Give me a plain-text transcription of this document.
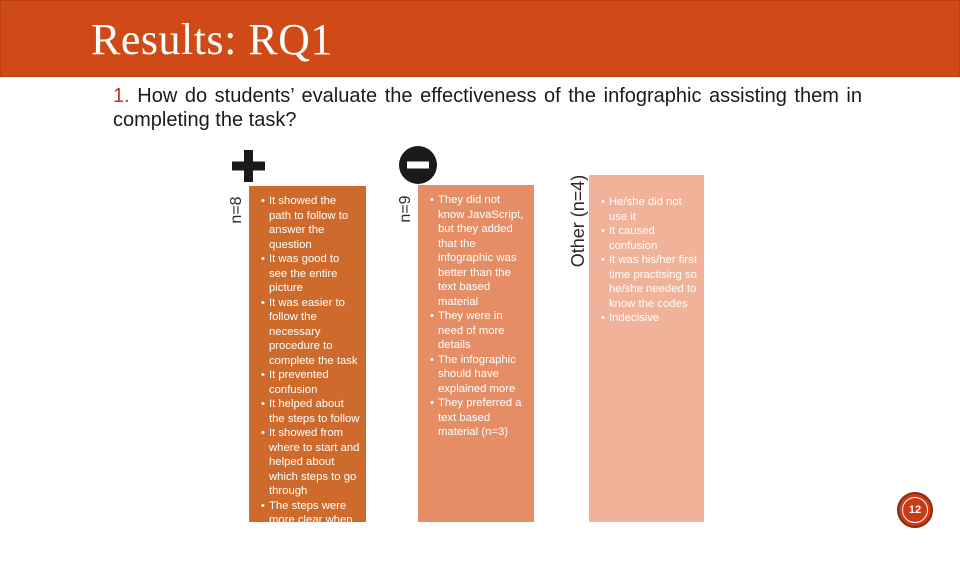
Results: RQ1
1. How do students’ evaluate the effectiveness of the infographic assisting them in completing the task?
n=8	• It showed the path to follow to answer the question
• It was good to see the entire picture
• It was easier to follow the necessary procedure to complete the task
• It prevented confusion
• It helped about the steps to follow
• It showed from where to start and helped about which steps to go through
• The steps were more clear when compared to other exam formats
n=9	• They did not know JavaScript, but they added that the infographic was better than the text based material
• They were in need of more details
• The infographic should have explained more
• They preferred a text based material (n=3)
Other (n=4)	• He/she did not use it
• It caused confusion
• It was his/her first time practising so he/she needed to know the codes
• Indecisive
12
